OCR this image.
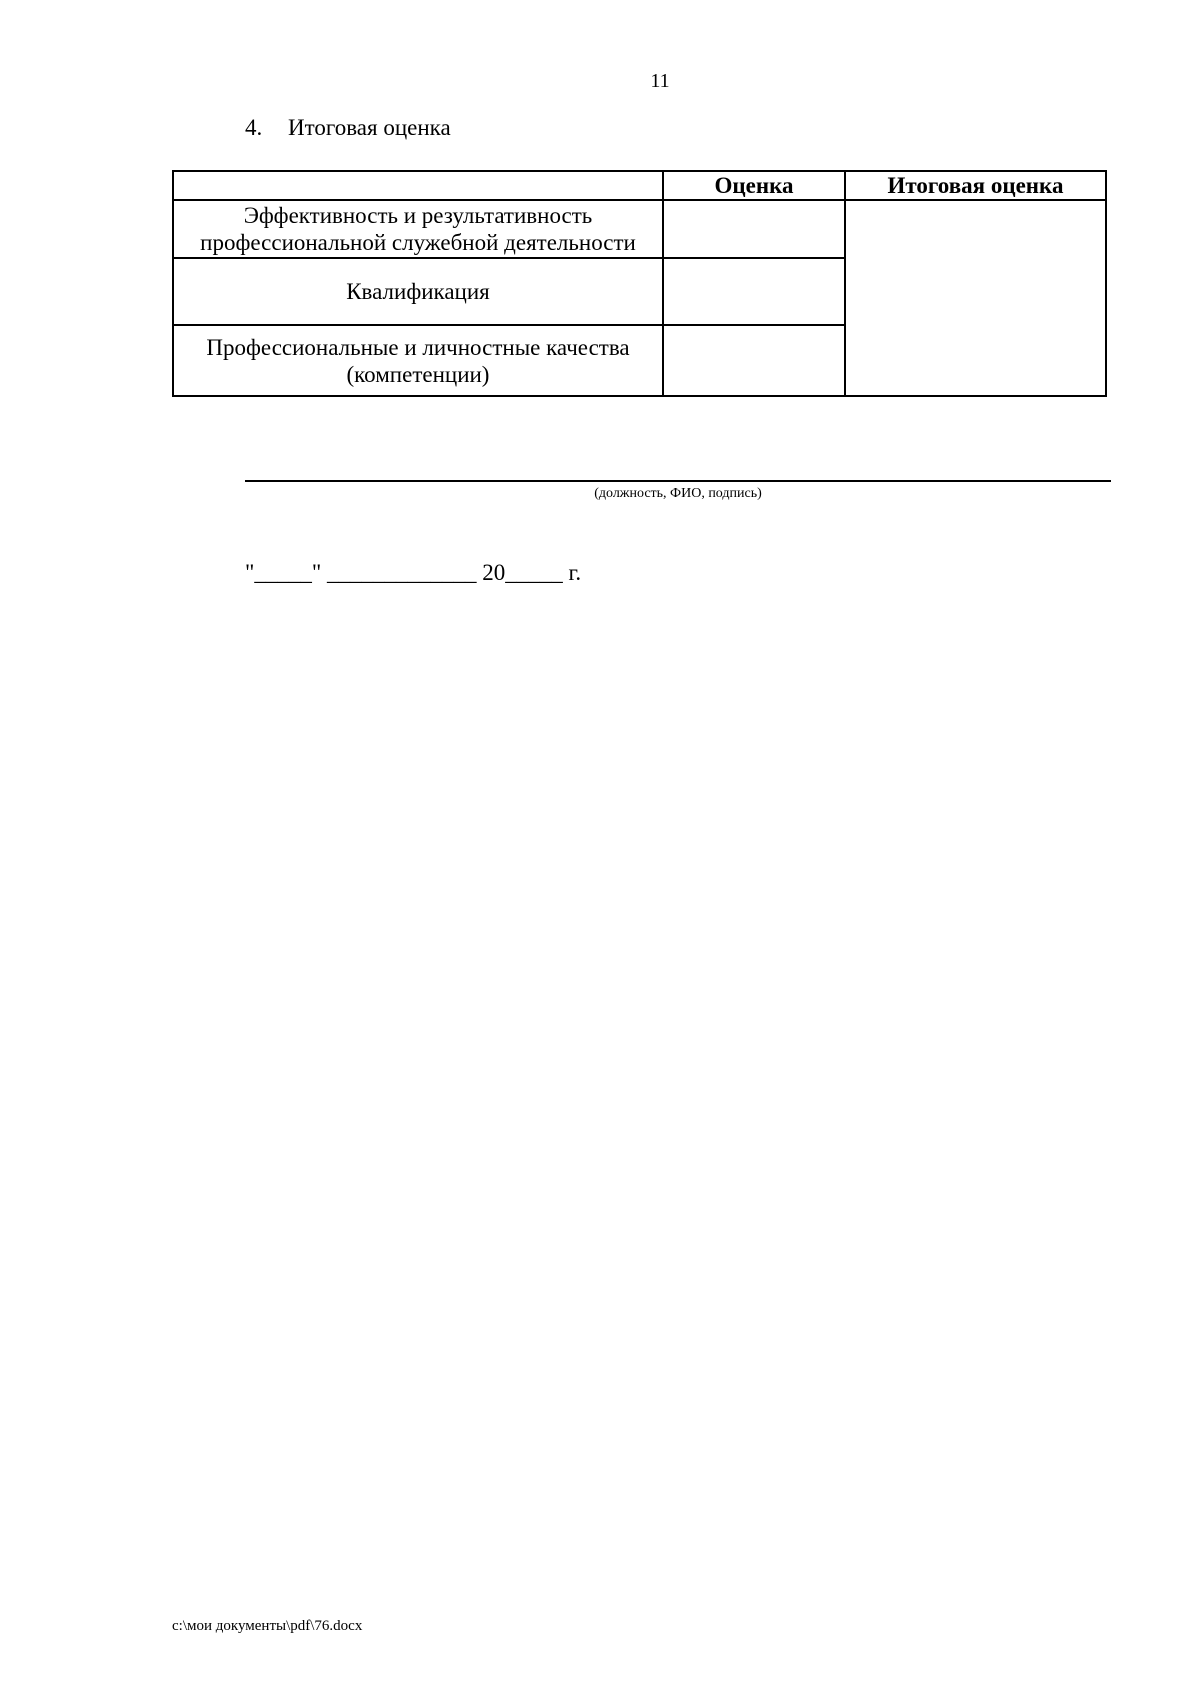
11
4.	Итоговая оценка
	Оценка	Итоговая оценка

Эффективность и результативность
профессиональной служебной деятельности		

Квалификация		

Профессиональные и личностные качества
(компетенции)		

(должность, ФИО, подпись)
"_____" _____________ 20_____ г.
c:\мои документы\pdf\76.docx
